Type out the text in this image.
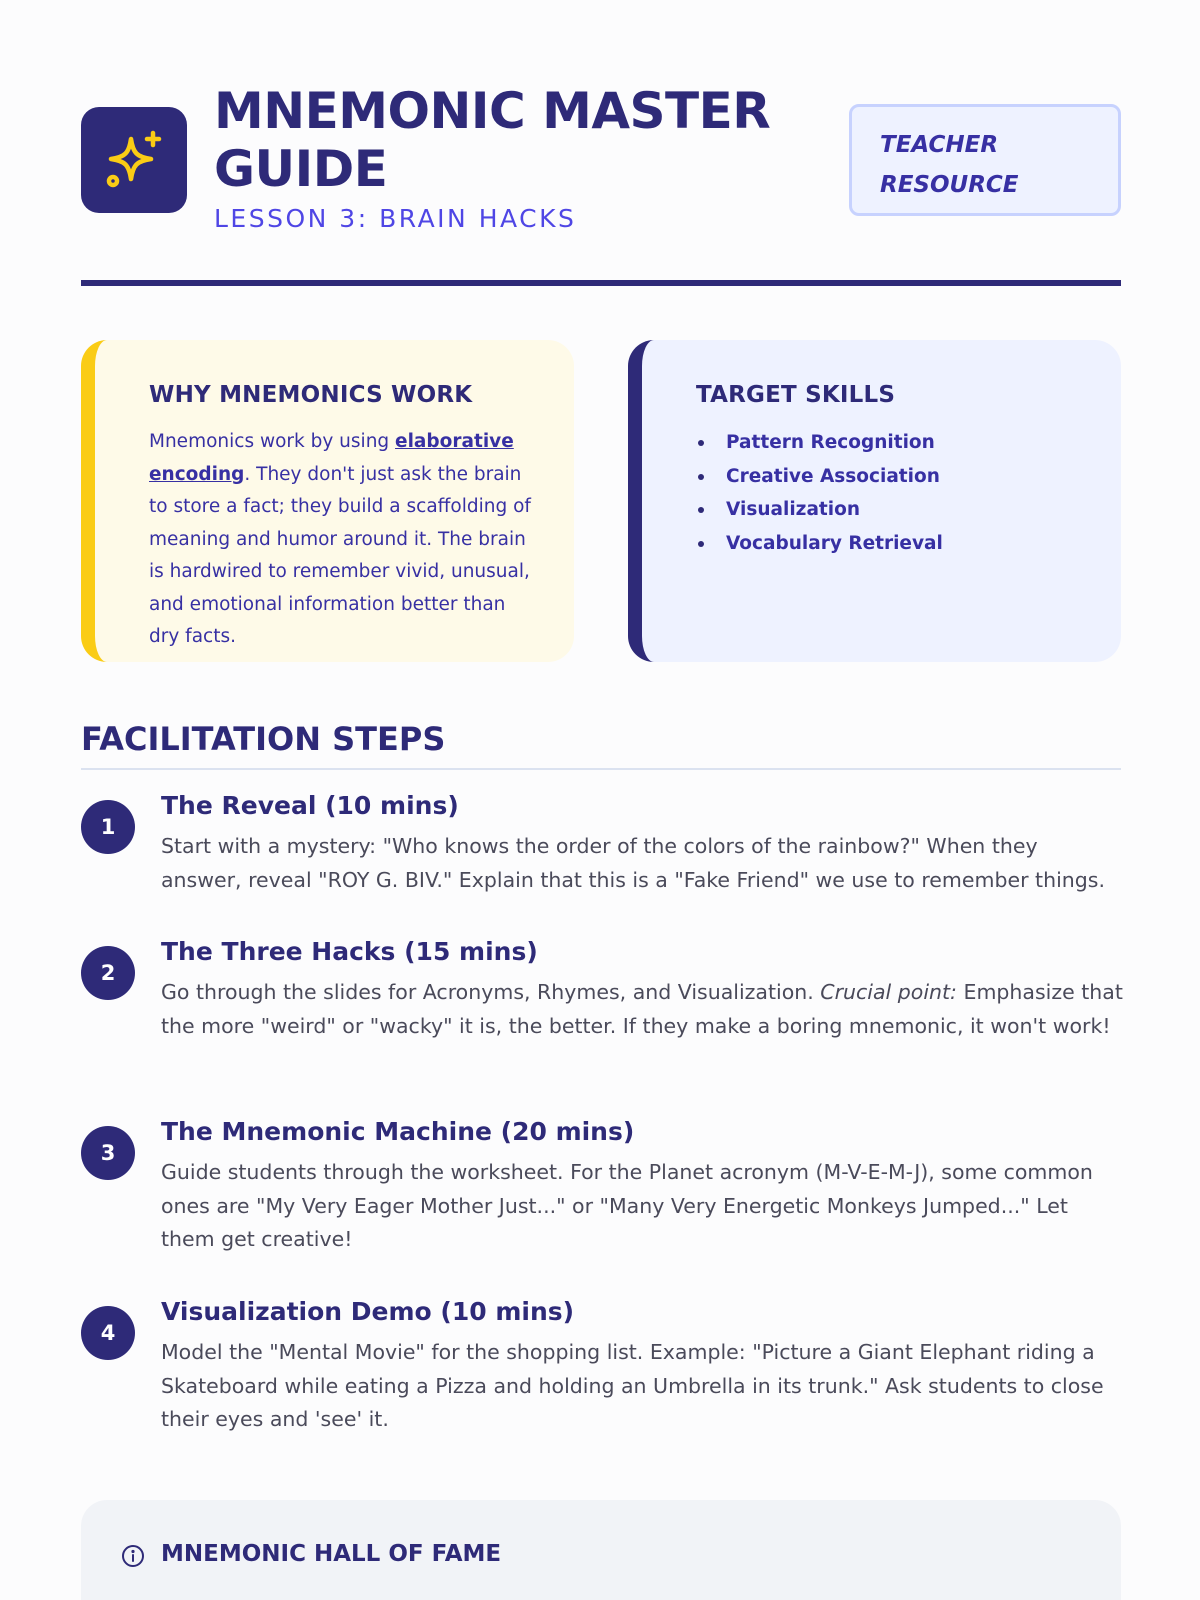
MNEMONIC MASTER
GUIDE
LESSON 3: BRAIN HACKS
TEACHER
RESOURCE
WHY MNEMONICS WORK

Mnemonics work by using elaborative encoding. They don't just ask the brain to store a fact; they build a scaffolding of meaning and humor around it. The brain is hardwired to remember vivid, unusual, and emotional information better than dry facts.

TARGET SKILLS
Pattern Recognition
Creative Association
Visualization
Vocabulary Retrieval
FACILITATION STEPS
1
The Reveal (10 mins)
Start with a mystery: "Who knows the order of the colors of the rainbow?" When they answer, reveal "ROY G. BIV." Explain that this is a "Fake Friend" we use to remember things.
2
The Three Hacks (15 mins)
Go through the slides for Acronyms, Rhymes, and Visualization. Crucial point: Emphasize that the more "weird" or "wacky" it is, the better. If they make a boring mnemonic, it won't work!
3
The Mnemonic Machine (20 mins)
Guide students through the worksheet. For the Planet acronym (M-V-E-M-J), some common ones are "My Very Eager Mother Just..." or "Many Very Energetic Monkeys Jumped..." Let them get creative!
4
Visualization Demo (10 mins)
Model the "Mental Movie" for the shopping list. Example: "Picture a Giant Elephant riding a Skateboard while eating a Pizza and holding an Umbrella in its trunk." Ask students to close their eyes and 'see' it.
MNEMONIC HALL OF FAME
